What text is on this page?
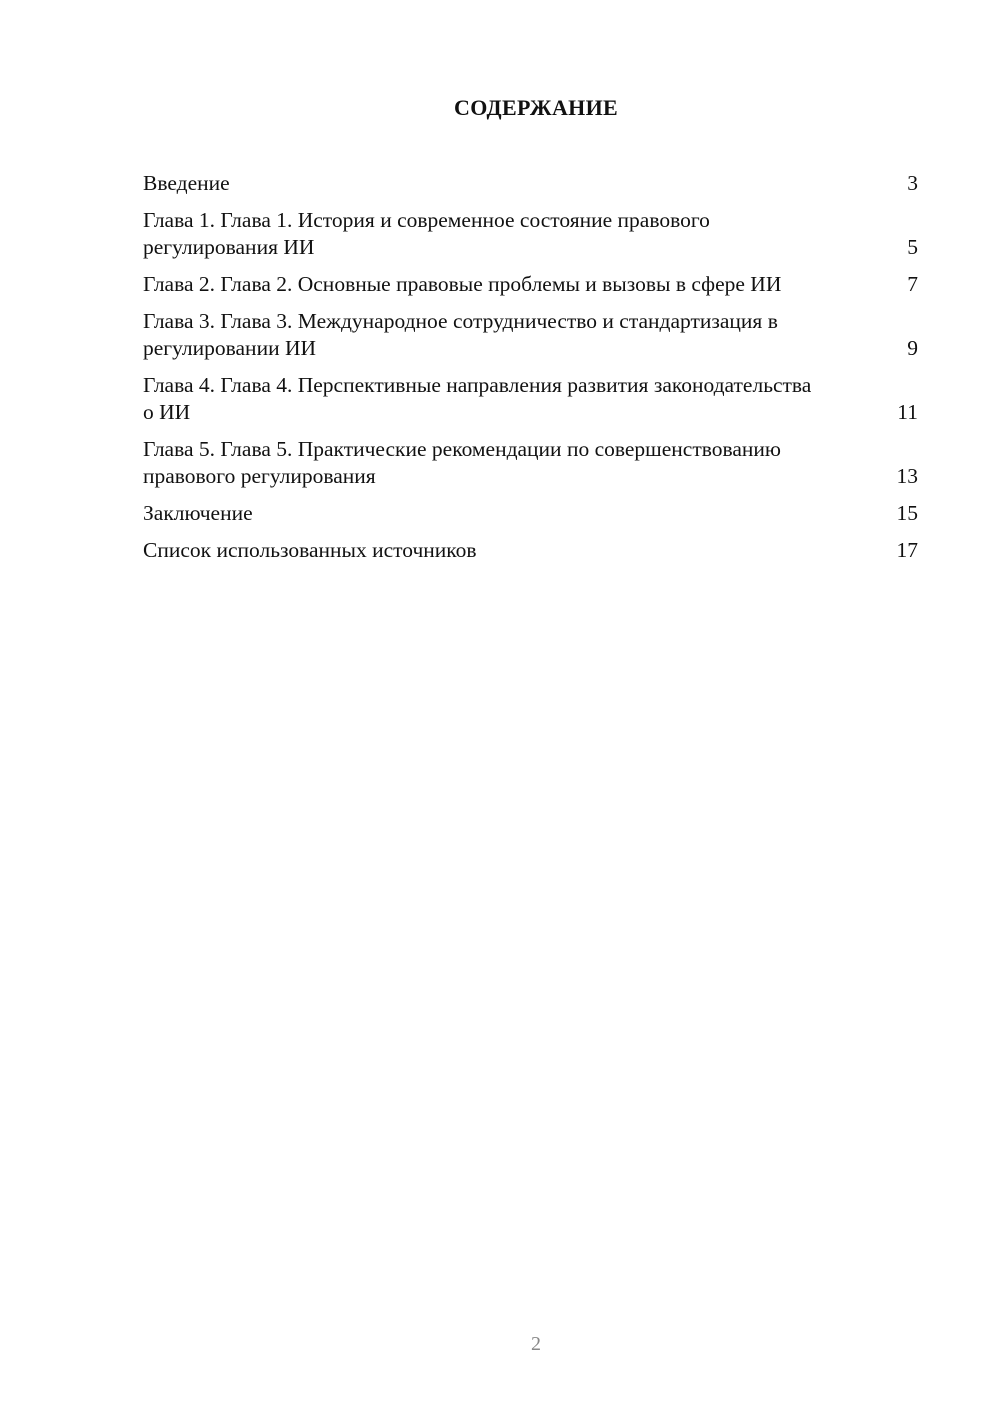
СОДЕРЖАНИЕ
Введение	3
Глава 1. Глава 1. История и современное состояние правового регулирования ИИ	5
Глава 2. Глава 2. Основные правовые проблемы и вызовы в сфере ИИ	7
Глава 3. Глава 3. Международное сотрудничество и стандартизация в регулировании ИИ	9
Глава 4. Глава 4. Перспективные направления развития законодательства о ИИ	11
Глава 5. Глава 5. Практические рекомендации по совершенствованию правового регулирования	13
Заключение	15
Список использованных источников	17
2
